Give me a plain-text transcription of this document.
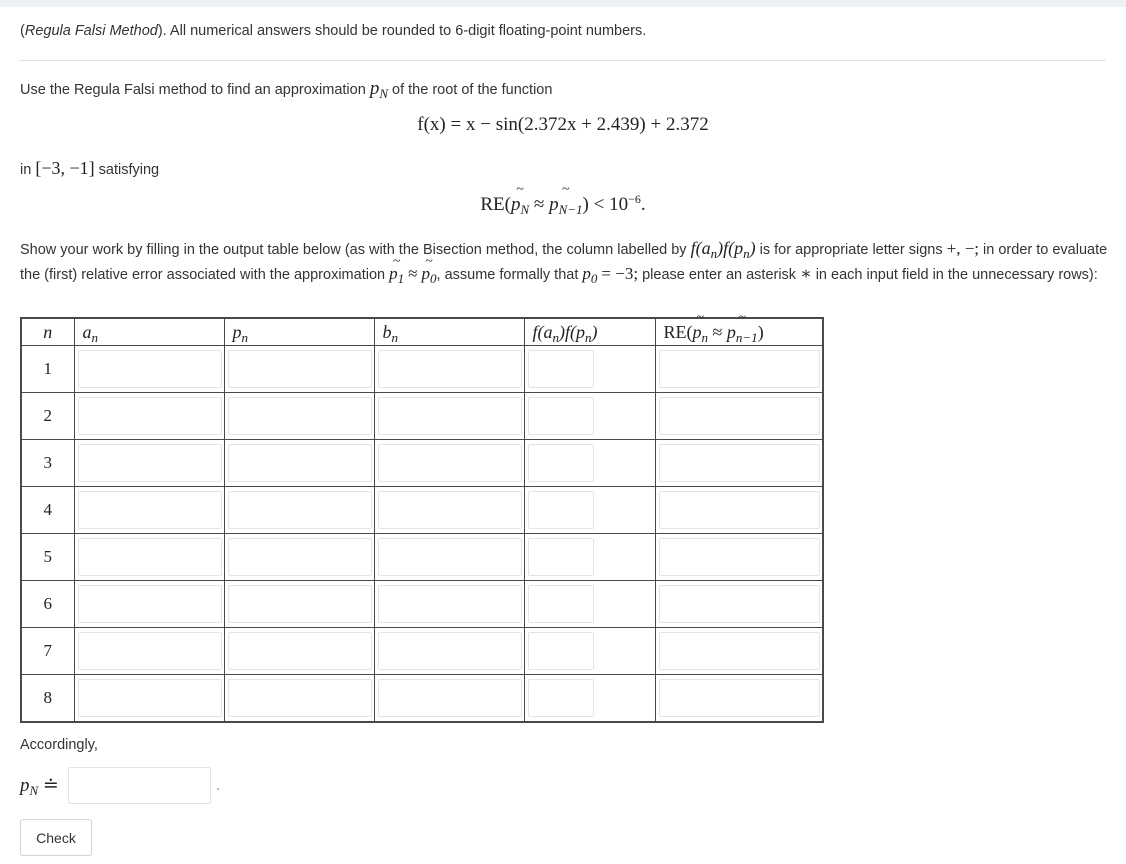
(Regula Falsi Method). All numerical answers should be rounded to 6-digit floating-point numbers.
Use the Regula Falsi method to find an approximation $p_N$ of the root of the function
f(x) = x − sin(2.372x + 2.439) + 2.372
in [−3, −1] satisfying
RE(~ $p_N$ ≈ ~ $p_{N-1}) < 10^{-6}$.
Show your work by filling in the output table below (as with the Bisection method, the column labelled by $f(a_n)f(p_n)$ is for appropriate letter signs +, −; in order to evaluate the (first) relative error associated with the approximation ~ $p_1$ ≈ ~ $p_0$, assume formally that $p_0 = -3$; please enter an asterisk ∗ in each input field in the unnecessary rows):
n	$a_n$	$p_n$	$b_n$	$f(a_n)f(p_n)$	RE(~ $p_n$ ≈ ~ $p_{n-1}$)
1	

2	

3	

4	

5	

6	

7	

8	

Accordingly,
$p_N$ ≐	.
Check
